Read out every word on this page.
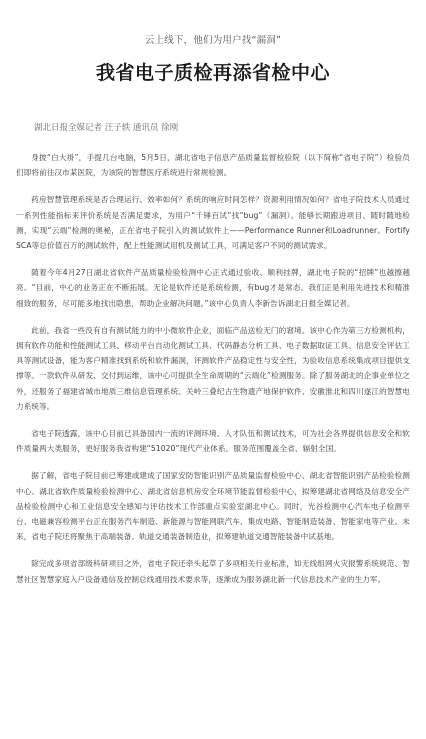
云上线下，他们为用户找“漏洞”

我省电子质检再添省检中心

湖北日报全媒记者 汪子轶 通讯员 徐刚

身披“白大褂”，手提几台电脑，5月5日，湖北省电子信息产品质量监督检验院（以下简称“省电子院”）检验员们即将前往汉市某医院，为该院的智慧医疗系统进行常规检测。

药房智慧管理系统是否合理运行、效率如何？系统的响应时间怎样？资源利用情况如何？省电子院技术人员通过一系列性能指标来评价系统是否满足要求，为用户“千锤百试”找“bug”（漏洞）。能够长期跟进项目、随时随地检测，实现“云端”检测的奥秘，正在省电子院引入的测试软件上——Performance Runner和Loadrunner、Fortify SCA等总价值百万的测试软件，配上性能测试用机及测试工具，可满足客户不同的测试需求。

随着今年4月27日湖北省软件产品质量检验检测中心正式通过验收、顺利挂牌，湖北电子院的“招牌”也越擦越亮。“目前，中心的业务正在不断拓展。无论是软件还是系统检测，有bug才是常态。我们正是利用先进技术和精准细致的服务，尽可能多地找出隐患，帮助企业解决问题。”该中心负责人李新告诉湖北日报全媒记者。

此前，我省一些没有自有测试能力的中小微软件企业，面临产品送检无门的窘境。该中心作为第三方检测机构，拥有软件功能和性能测试工具、移动平台自动化测试工具、代码静态分析工具、电子数据取证工具、信息安全评估工具等测试设备，能为客户精准找到系统和软件漏洞，评测软件产品稳定性与安全性，为验收信息系统集成项目提供支撑等。一款软件从研发、交付到运维，该中心可提供全生命周期的“云端化”检测服务。除了服务湖北的企事业单位之外，还服务了福建省城市地质三维信息管理系统、关岭三叠纪古生物遗产地保护软件、安徽淮北和四川遂江的智慧电力系统等。

省电子院透露，该中心目前已具备国内一流的评测环境、人才队伍和测试技术，可为社会各界提供信息安全和软件质量两大类服务，更好服务我省构建“51020”现代产业体系，服务范围覆盖全省、辐射全国。

据了解，省电子院目前已筹建或建成了国家安防智能识别产品质量监督检验中心、湖北省智能识别产品检验检测中心、湖北省软件质量检验检测中心、湖北省信息机房安全环境节能监督检验中心，拟筹建湖北省网络及信息安全产品检验检测中心和工业信息安全感知与评估技术工作部重点实验室湖北中心。同时，光谷检测中心汽车电子检测平台、电磁兼容检测平台正在服务汽车制造、新能源与智能网联汽车、集成电路、智能制造装备、智能家电等产业。未来，省电子院还将聚焦于高端装备、轨道交通装备制造业，拟筹建轨道交通智能装备中试基地。

除完成多项省部级科研项目之外，省电子院还牵头起草了多项相关行业标准，如无线组网火灾报警系统规范、智慧社区智慧家庭入户设备通信及控制总线通用技术要求等，逐渐成为服务湖北新一代信息技术产业的生力军。
